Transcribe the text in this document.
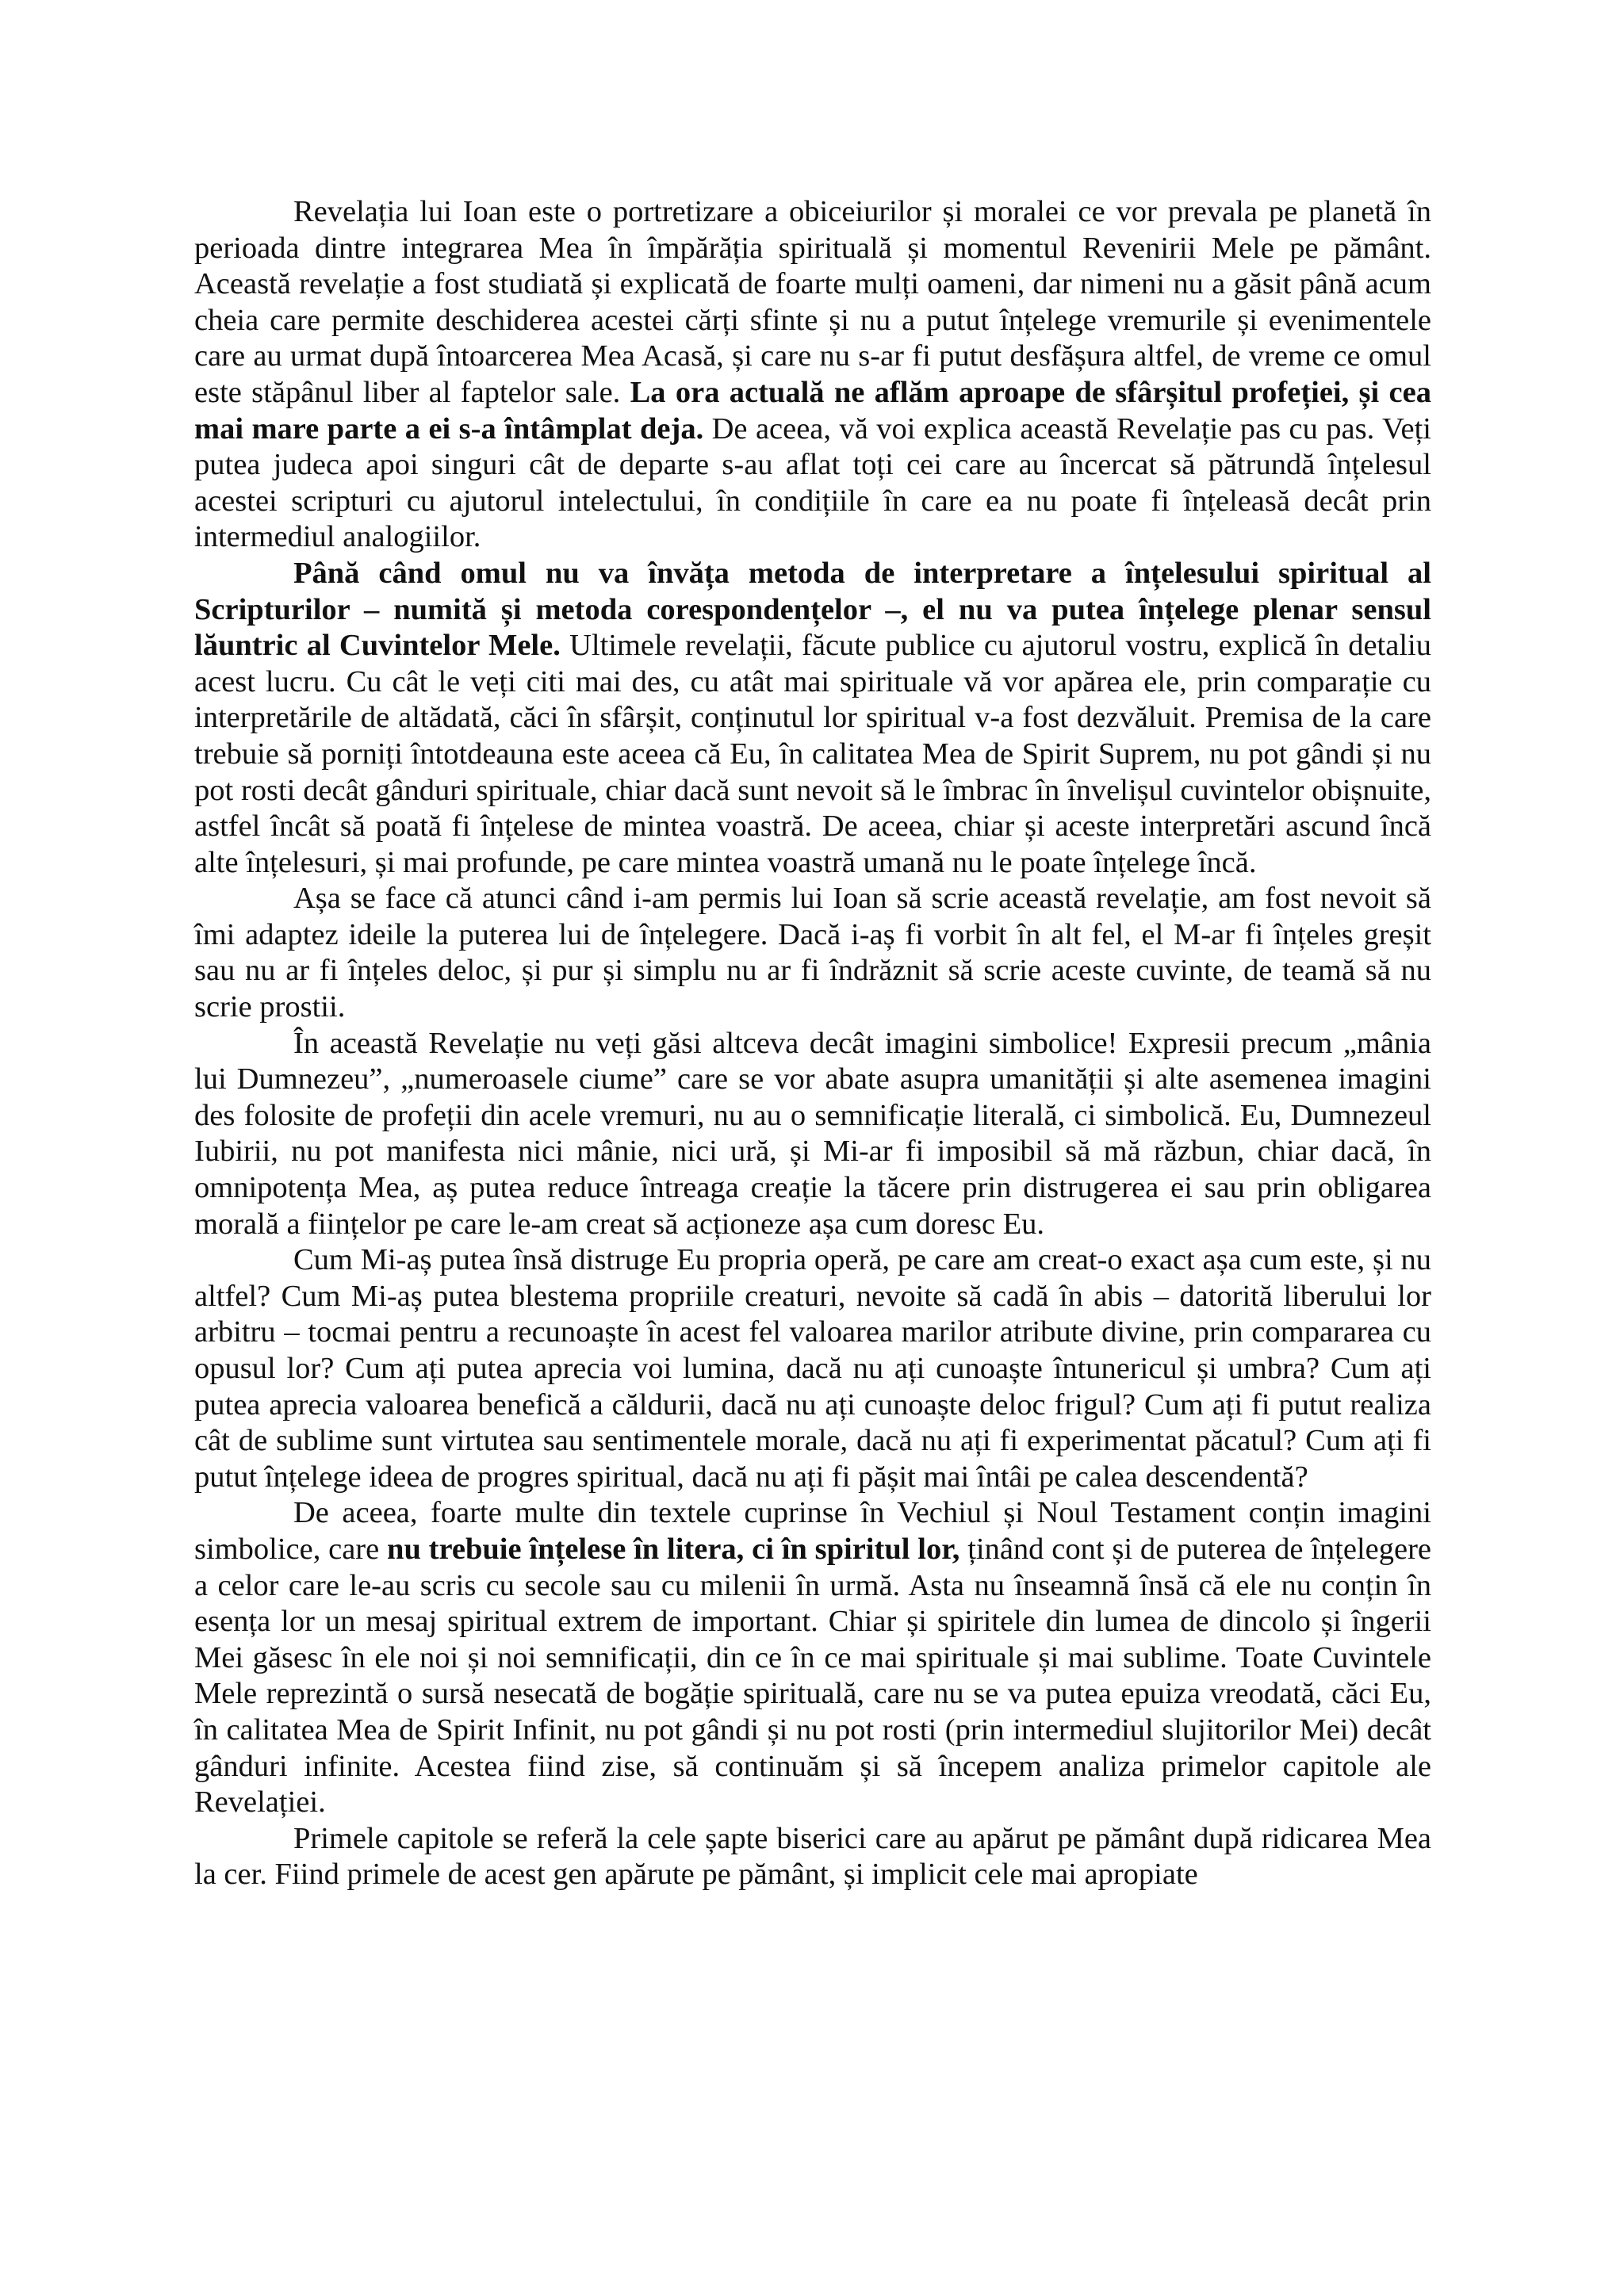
Revelația lui Ioan este o portretizare a obiceiurilor și moralei ce vor prevala pe planetă în perioada dintre integrarea Mea în împărăția spirituală și momentul Revenirii Mele pe pământ. Această revelație a fost studiată și explicată de foarte mulți oameni, dar nimeni nu a găsit până acum cheia care permite deschiderea acestei cărți sfinte și nu a putut înțelege vremurile și evenimentele care au urmat după întoarcerea Mea Acasă, și care nu s-ar fi putut desfășura altfel, de vreme ce omul este stăpânul liber al faptelor sale. La ora actuală ne aflăm aproape de sfârșitul profeției, și cea mai mare parte a ei s-a întâmplat deja. De aceea, vă voi explica această Revelație pas cu pas. Veți putea judeca apoi singuri cât de departe s-au aflat toți cei care au încercat să pătrundă înțelesul acestei scripturi cu ajutorul intelectului, în condițiile în care ea nu poate fi înțeleasă decât prin intermediul analogiilor.

Până când omul nu va învăța metoda de interpretare a înțelesului spiritual al Scripturilor – numită și metoda corespondențelor –, el nu va putea înțelege plenar sensul lăuntric al Cuvintelor Mele. Ultimele revelații, făcute publice cu ajutorul vostru, explică în detaliu acest lucru. Cu cât le veți citi mai des, cu atât mai spirituale vă vor apărea ele, prin comparație cu interpretările de altădată, căci în sfârșit, conținutul lor spiritual v-a fost dezvăluit. Premisa de la care trebuie să porniți întotdeauna este aceea că Eu, în calitatea Mea de Spirit Suprem, nu pot gândi și nu pot rosti decât gânduri spirituale, chiar dacă sunt nevoit să le îmbrac în învelișul cuvintelor obișnuite, astfel încât să poată fi înțelese de mintea voastră. De aceea, chiar și aceste interpretări ascund încă alte înțelesuri, și mai profunde, pe care mintea voastră umană nu le poate înțelege încă.

Așa se face că atunci când i-am permis lui Ioan să scrie această revelație, am fost nevoit să îmi adaptez ideile la puterea lui de înțelegere. Dacă i-aș fi vorbit în alt fel, el M-ar fi înțeles greșit sau nu ar fi înțeles deloc, și pur și simplu nu ar fi îndrăznit să scrie aceste cuvinte, de teamă să nu scrie prostii.

În această Revelație nu veți găsi altceva decât imagini simbolice! Expresii precum „mânia lui Dumnezeu”, „numeroasele ciume” care se vor abate asupra umanității și alte asemenea imagini des folosite de profeții din acele vremuri, nu au o semnificație literală, ci simbolică. Eu, Dumnezeul Iubirii, nu pot manifesta nici mânie, nici ură, și Mi-ar fi imposibil să mă răzbun, chiar dacă, în omnipotența Mea, aș putea reduce întreaga creație la tăcere prin distrugerea ei sau prin obligarea morală a ființelor pe care le-am creat să acționeze așa cum doresc Eu.

Cum Mi-aș putea însă distruge Eu propria operă, pe care am creat-o exact așa cum este, și nu altfel? Cum Mi-aș putea blestema propriile creaturi, nevoite să cadă în abis – datorită liberului lor arbitru – tocmai pentru a recunoaște în acest fel valoarea marilor atribute divine, prin compararea cu opusul lor? Cum ați putea aprecia voi lumina, dacă nu ați cunoaște întunericul și umbra? Cum ați putea aprecia valoarea benefică a căldurii, dacă nu ați cunoaște deloc frigul? Cum ați fi putut realiza cât de sublime sunt virtutea sau sentimentele morale, dacă nu ați fi experimentat păcatul? Cum ați fi putut înțelege ideea de progres spiritual, dacă nu ați fi pășit mai întâi pe calea descendentă?

De aceea, foarte multe din textele cuprinse în Vechiul și Noul Testament conțin imagini simbolice, care nu trebuie înțelese în litera, ci în spiritul lor, ținând cont și de puterea de înțelegere a celor care le-au scris cu secole sau cu milenii în urmă. Asta nu înseamnă însă că ele nu conțin în esența lor un mesaj spiritual extrem de important. Chiar și spiritele din lumea de dincolo și îngerii Mei găsesc în ele noi și noi semnificații, din ce în ce mai spirituale și mai sublime. Toate Cuvintele Mele reprezintă o sursă nesecată de bogăție spirituală, care nu se va putea epuiza vreodată, căci Eu, în calitatea Mea de Spirit Infinit, nu pot gândi și nu pot rosti (prin intermediul slujitorilor Mei) decât gânduri infinite. Acestea fiind zise, să continuăm și să începem analiza primelor capitole ale Revelației.

Primele capitole se referă la cele șapte biserici care au apărut pe pământ după ridicarea Mea la cer. Fiind primele de acest gen apărute pe pământ, și implicit cele mai apropiate
